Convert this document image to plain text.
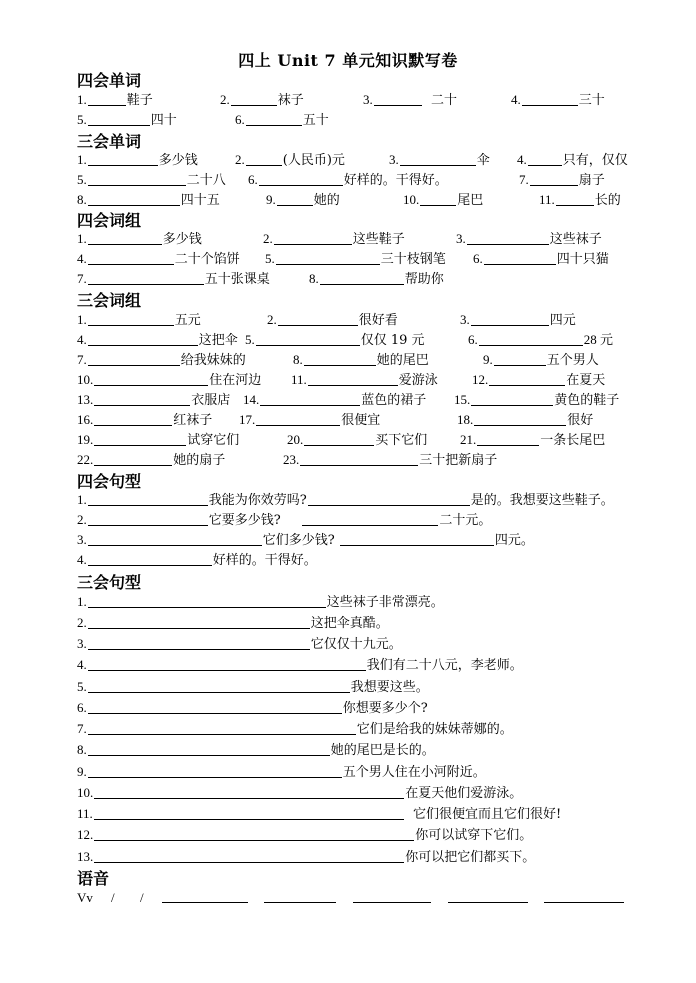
四上 Unit 7 单元知识默写卷
四会单词
1.	鞋子	2.	袜子	3.	二十	4.	三十
5.	四十	6.	五十
三会单词
1.	多少钱	2.	(人民币)元	3.	伞 4.	只有，仅仅
5.	二十八 6.	好样的。干得好。	7.	扇子
8.	四十五	9.	她的	10.	尾巴	11.	长的
四会词组
1.	多少钱	2.	这些鞋子	3.	这些袜子
4.	二十个馅饼 5.	三十枝钢笔 6.	四十只猫
7.	五十张课桌	8.	帮助你
三会词组
1.	五元	2.	很好看	3.	四元
4.	这把伞 5.	仅仅 19 元	6.	28 元
7.	给我妹妹的	8.	她的尾巴	9.	五个男人
10.	住在河边 11.	爱游泳	12.	在夏天
13.	衣服店 14.	蓝色的裙子 15.	黄色的鞋子
16.	红袜子 17.	很便宜	18.	很好
19.	试穿它们	20.	买下它们	21.	一条长尾巴
22.	她的扇子	23.	三十把新扇子
四会句型
1.	我能为你效劳吗?	是的。我想要这些鞋子。
2.	它要多少钱?	二十元。
3.	它们多少钱?	四元。
4.	好样的。干得好。
三会句型
1.	这些袜子非常漂亮。
2.	这把伞真酷。
3.	它仅仅十九元。
4.	我们有二十八元，李老师。
5.	我想要这些。
6.	你想要多少个?
7.	它们是给我的妹妹蒂娜的。
8.	她的尾巴是长的。
9.	五个男人住在小河附近。
10.	在夏天他们爱游泳。
11.	它们很便宜而且它们很好!
12.	你可以试穿下它们。
13.	你可以把它们都买下。
语音
Vv / /
